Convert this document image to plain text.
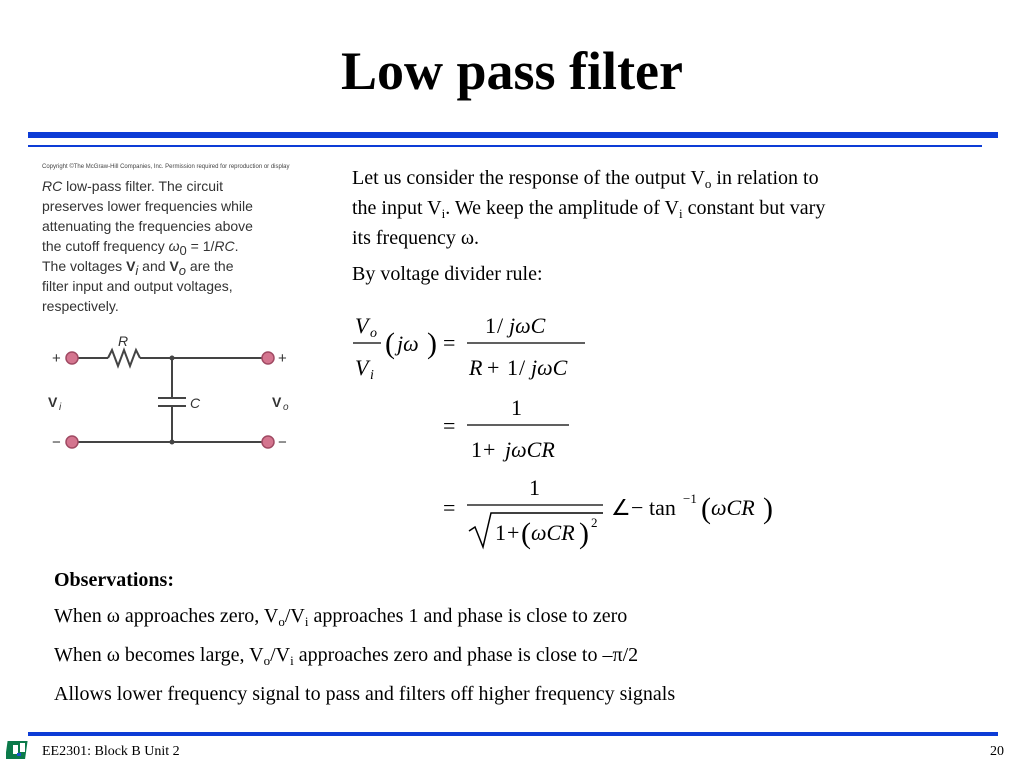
Low pass filter
Copyright ©The McGraw-Hill Companies, Inc. Permission required for reproduction or display
RC low-pass filter. The circuit
preserves lower frequencies while
attenuating the frequencies above
the cutoff frequency $\omega_0 = 1/RC$.
The voltages $V_i$ and $V_o$ are the
filter input and output voltages,
respectively.
+
−
+
−
R
C
V i	V o

Let us consider the response of the output $V_o$ in relation to
the input $V_i$. We keep the amplitude of $V_i$ constant but vary
its frequency ω.

By voltage divider rule:

V o
V i
( jω ) =
1 / jωC
R + 1 / jωC
=
1
1 + jωCR
=
1
1 + ( ωCR ) 2
∠ − tan −1 ( ωCR )
Observations:
When ω approaches zero, $V_o/V_i$ approaches 1 and phase is close to zero
When ω becomes large, $V_o/V_i$ approaches zero and phase is close to –π/2
Allows lower frequency signal to pass and filters off higher frequency signals
EE2301: Block B Unit 2	20
